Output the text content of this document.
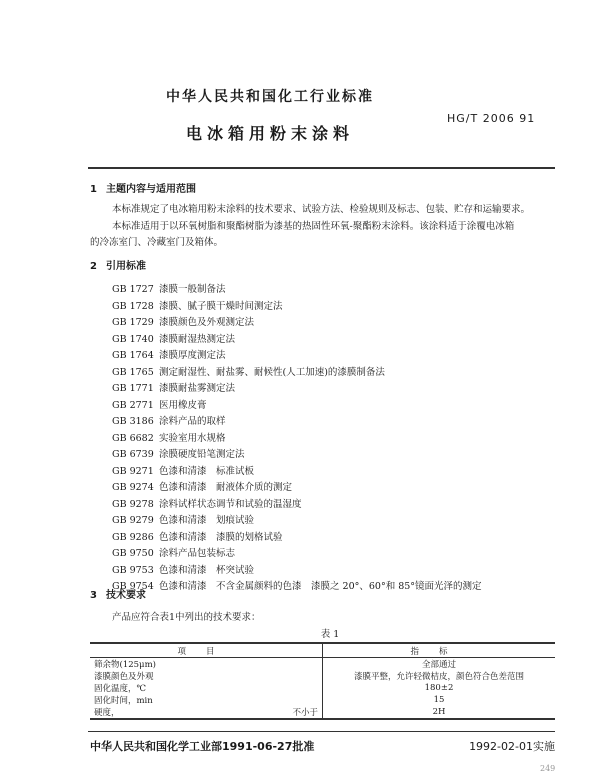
中华人民共和国化工行业标准
HG/T 2006 91
电冰箱用粉末涂料
1 主题内容与适用范围
本标准规定了电冰箱用粉末涂料的技术要求、试验方法、检验规则及标志、包装、贮存和运输要求。
本标准适用于以环氧树脂和聚酯树脂为漆基的热固性环氧-聚酯粉末涂料。该涂料适于涂覆电冰箱
的冷冻室门、冷藏室门及箱体。
2 引用标准
GB 1727 漆膜一般制备法
GB 1728 漆膜、腻子膜干燥时间测定法
GB 1729 漆膜颜色及外观测定法
GB 1740 漆膜耐湿热测定法
GB 1764 漆膜厚度测定法
GB 1765 测定耐湿性、耐盐雾、耐候性(人工加速)的漆膜制备法
GB 1771 漆膜耐盐雾测定法
GB 2771 医用橡皮膏
GB 3186 涂料产品的取样
GB 6682 实验室用水规格
GB 6739 涂膜硬度铅笔测定法
GB 9271 色漆和清漆　标准试板
GB 9274 色漆和清漆　耐液体介质的测定
GB 9278 涂料试样状态调节和试验的温湿度
GB 9279 色漆和清漆　划痕试验
GB 9286 色漆和清漆　漆膜的划格试验
GB 9750 涂料产品包装标志
GB 9753 色漆和清漆　杯突试验
GB 9754 色漆和清漆　不含金属颜料的色漆　漆膜之 20°、60°和 85°镜面光泽的测定
3 技术要求
产品应符合表1中列出的技术要求：
表 1
项目	指标
筛余物(125μm)	全部通过
漆膜颜色及外观	漆膜平整，允许轻微桔皮，颜色符合色差范围
固化温度，℃	180±2
固化时间，min	15
硬度， 不小于	2H
中华人民共和国化学工业部1991-06-27批准	1992-02-01实施
249
